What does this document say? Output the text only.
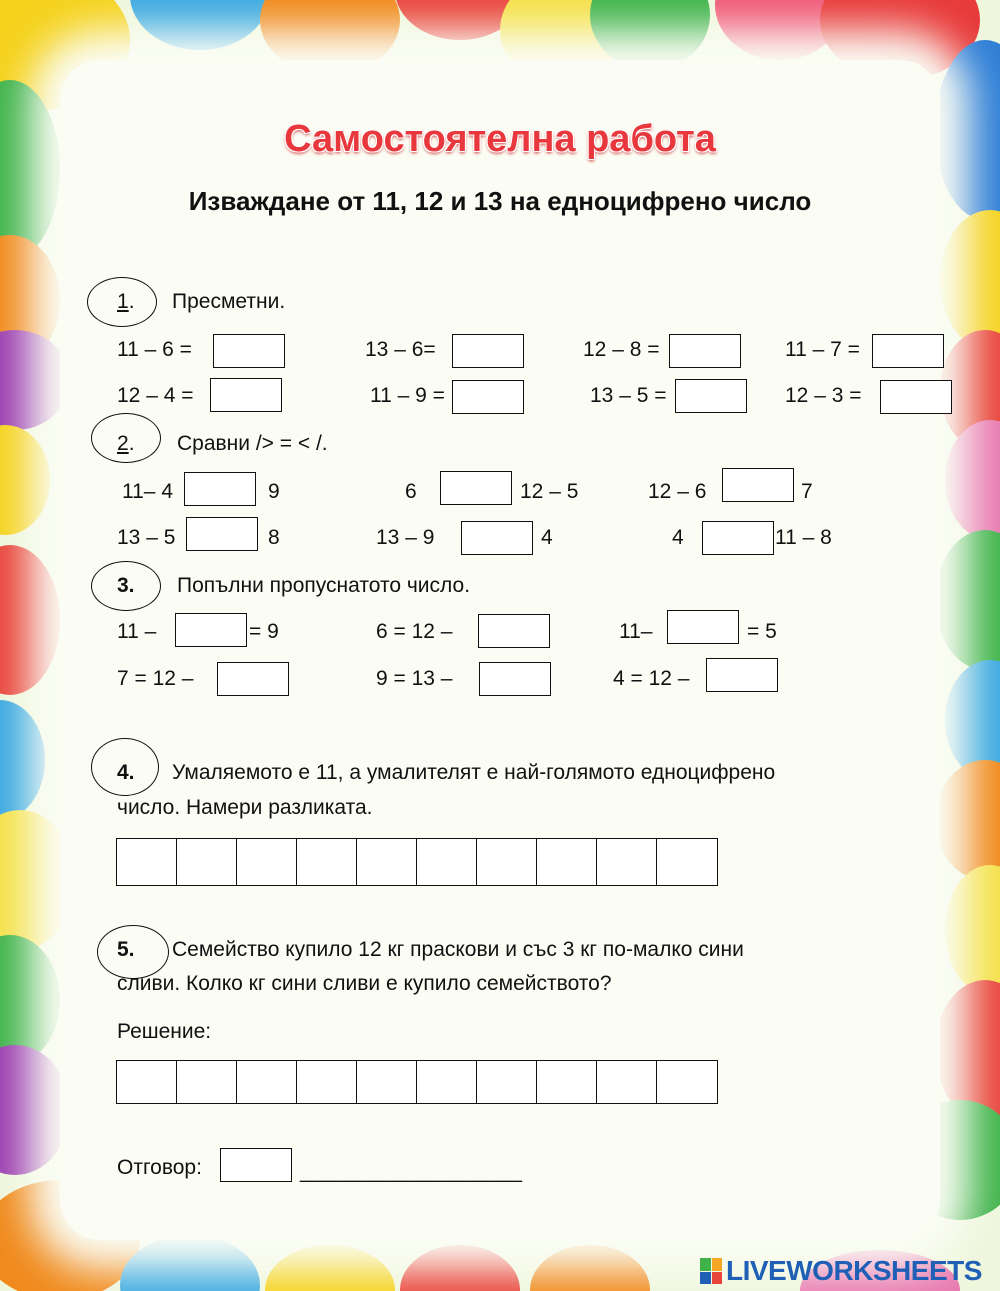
Самостоятелна работа
Изваждане от 11, 12 и 13 на едноцифрено число
1. Пресметни.
11 – 6 =	13 – 6=	12 – 8 =	11 – 7 =
12 – 4 =	11 – 9 =	13 – 5 =	12 – 3 =
2. Сравни /> = < /.
11– 4	9	6	12 – 5	12 – 6	7
13 – 5	8	13 – 9	4	4	11 – 8
3. Попълни пропуснатото число.
11 –	= 9	6 = 12 –	11–	= 5
7 = 12 –	9 = 13 –	4 = 12 –
4. Умаляемото е 11, а умалителят е най-голямото едноцифрено
число. Намери разликата.
5. Семейство купило 12 кг праскови и със 3 кг по-малко сини
сливи. Колко кг сини сливи е купило семейството?
Решение:
Отговор:	___________________
LIVEWORKSHEETS
